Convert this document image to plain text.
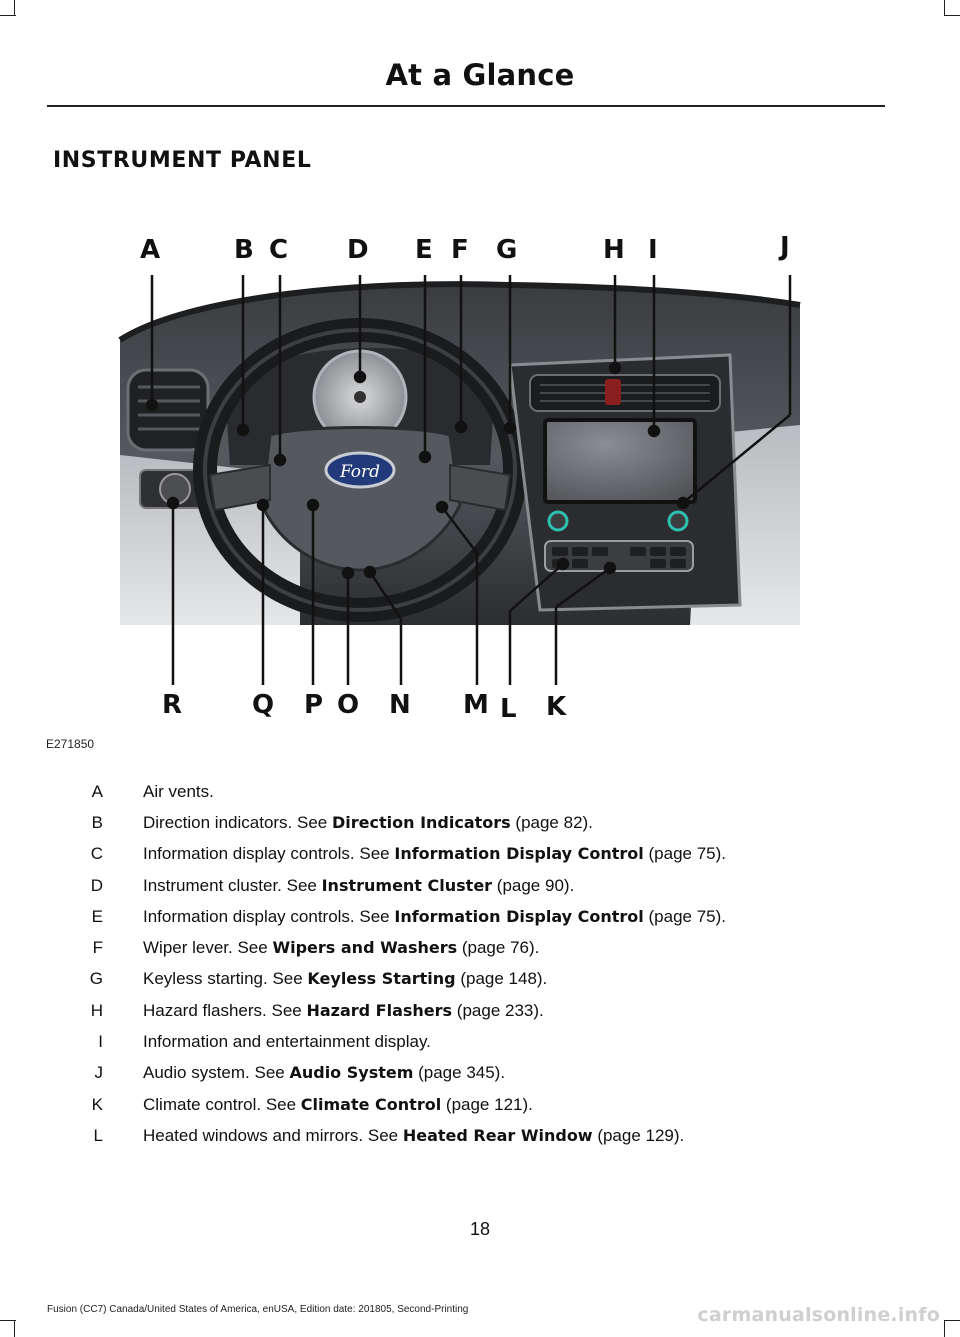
At a Glance
INSTRUMENT PANEL
Ford
A	B C D E F G	H I	J
K
L
M
N
O
P
Q
R
E271850
A Air vents.
B Direction indicators. See Direction Indicators (page 82).
C Information display controls. See Information Display Control (page 75).
D Instrument cluster. See Instrument Cluster (page 90).
E Information display controls. See Information Display Control (page 75).
F Wiper lever. See Wipers and Washers (page 76).
G Keyless starting. See Keyless Starting (page 148).
H Hazard flashers. See Hazard Flashers (page 233).
I Information and entertainment display.
J Audio system. See Audio System (page 345).
K Climate control. See Climate Control (page 121).
L Heated windows and mirrors. See Heated Rear Window (page 129).
18
Fusion (CC7) Canada/United States of America, enUSA, Edition date: 201805, Second-Printing	carmanualsonline.info
